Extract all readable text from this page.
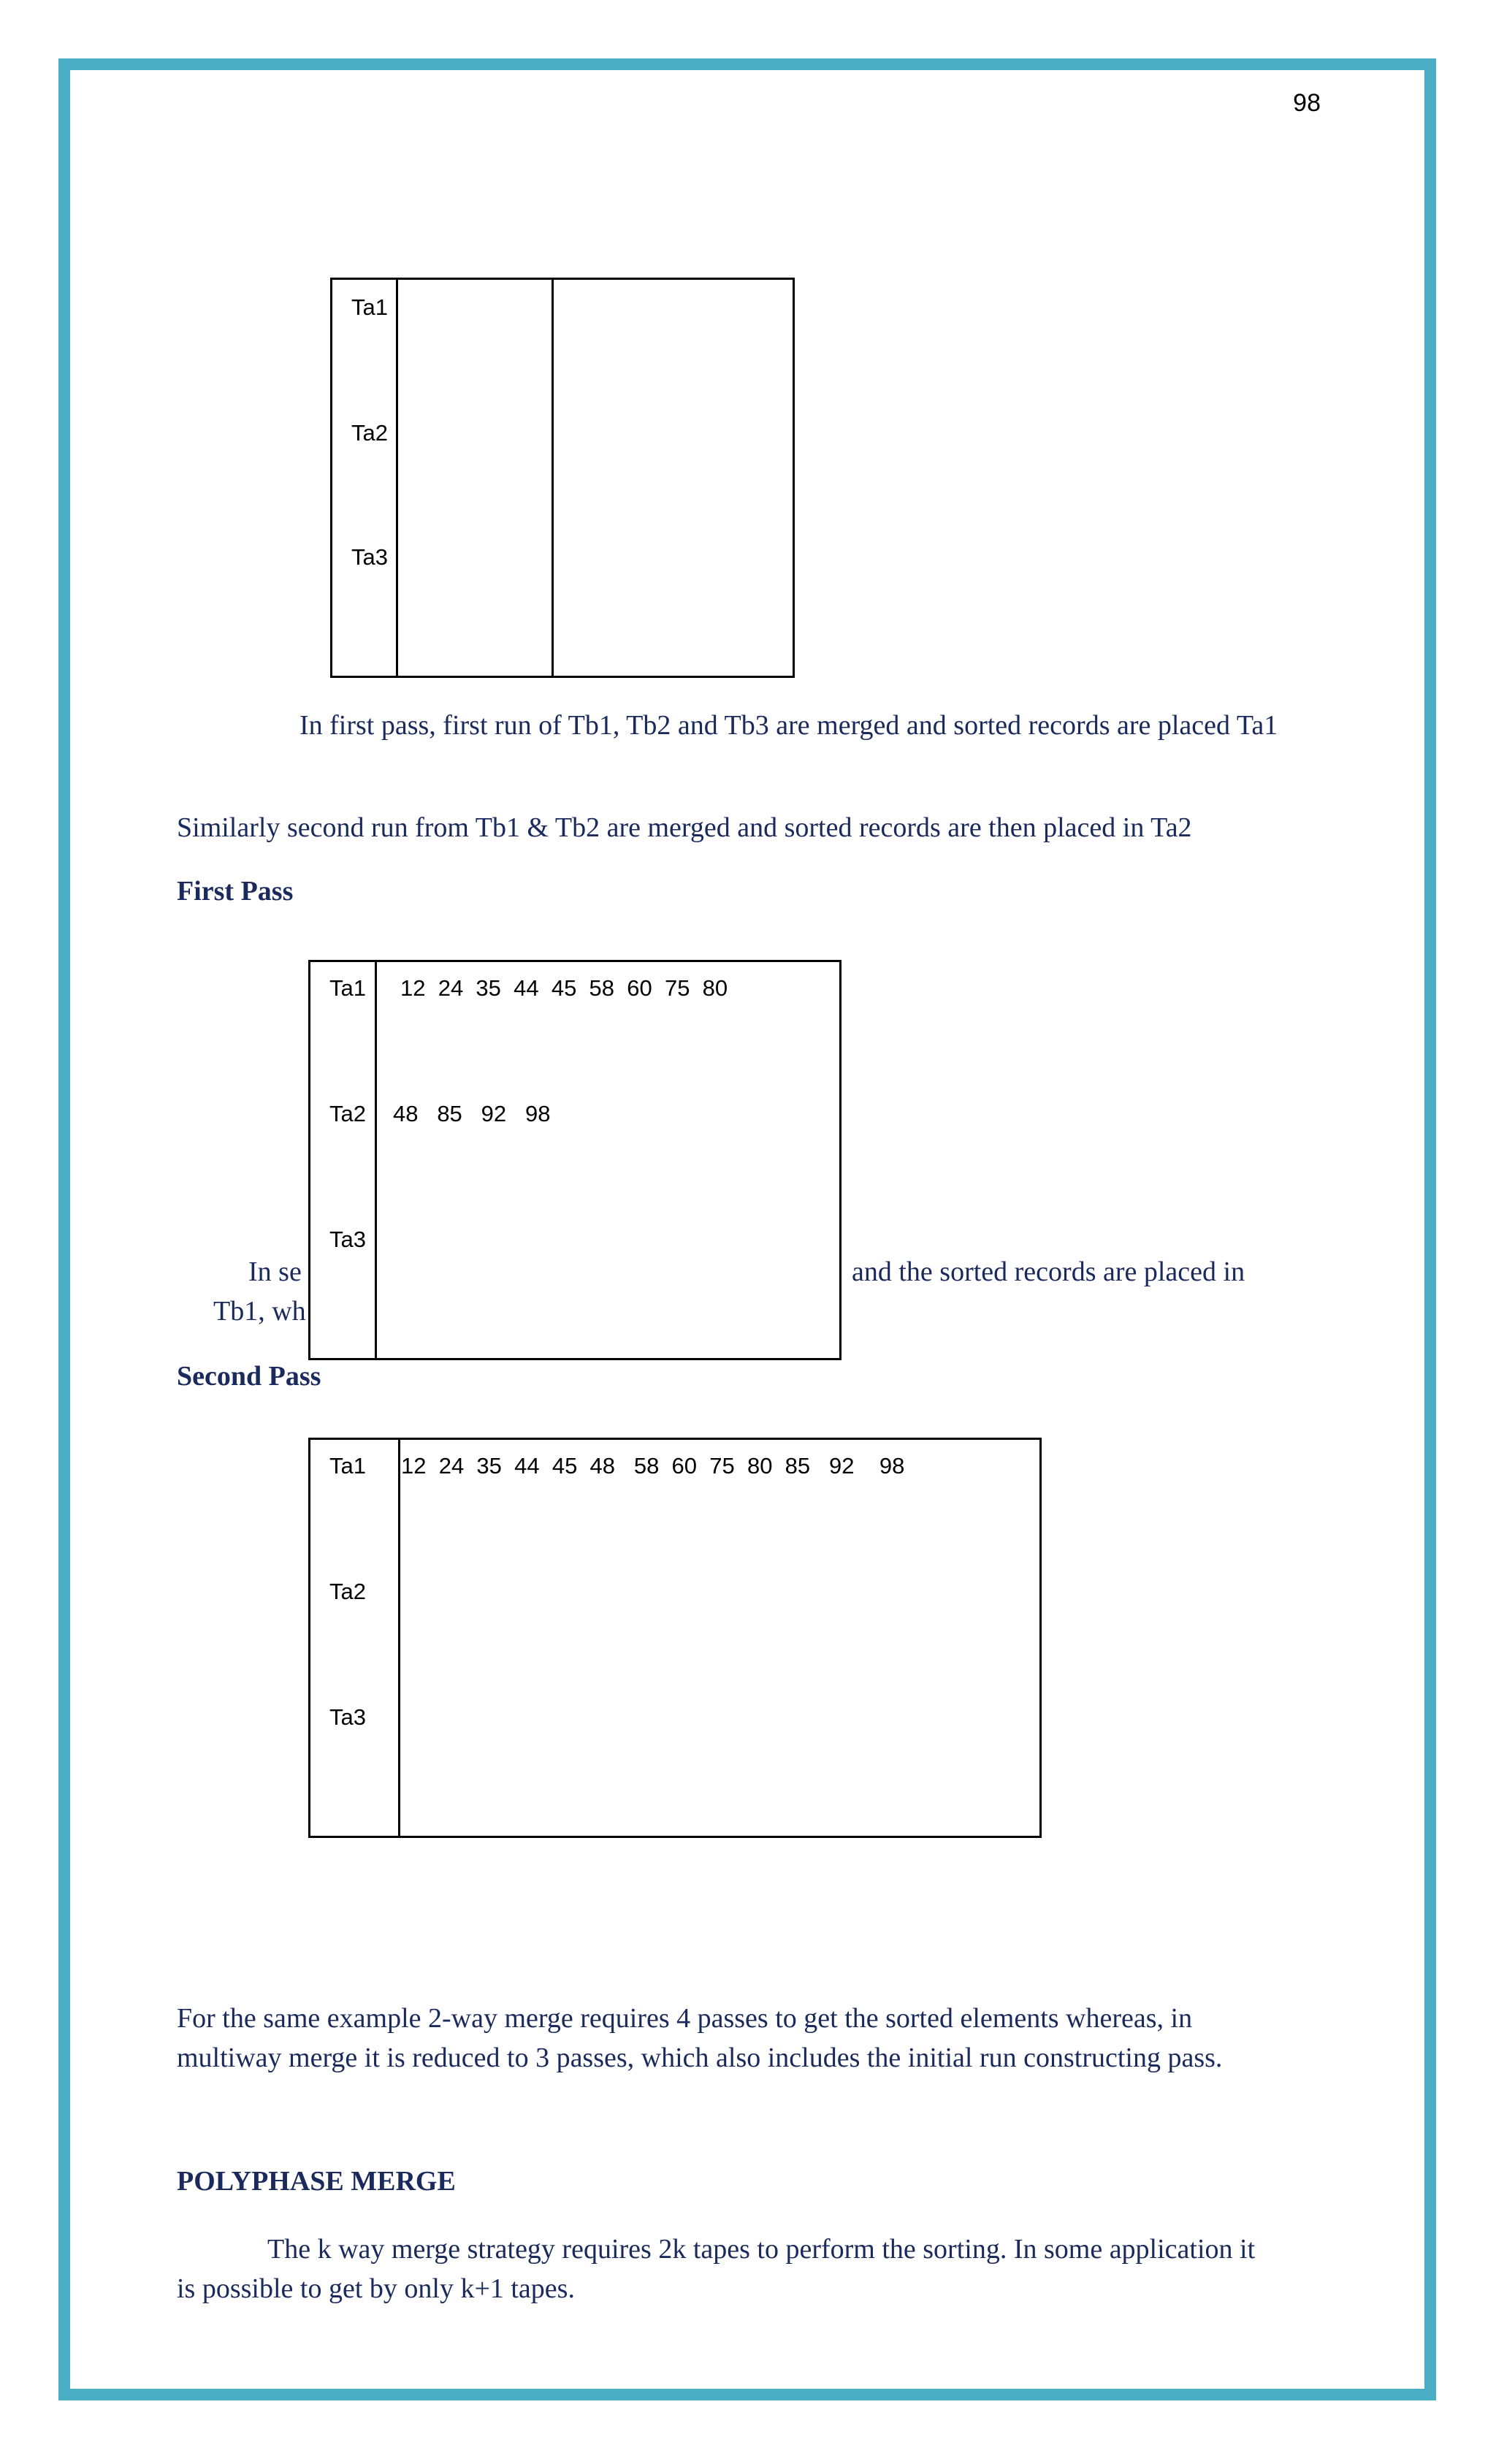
98
Ta1
Ta2
Ta3
In first pass, first run of Tb1, Tb2 and Tb3 are merged and sorted records are placed Ta1
Similarly second run from Tb1 & Tb2 are merged and sorted records are then placed in Ta2
First Pass
In se	and the sorted records are placed in
Tb1, wh
Ta1 12  24  35  44  45  58  60  75  80
Ta2 48   85   92   98
Ta3
Second Pass
Ta1 12  24  35  44  45  48   58  60  75  80  85   92    98
Ta2
Ta3
For the same example 2-way merge requires 4 passes to get the sorted elements whereas, in
multiway merge it is reduced to 3 passes, which also includes the initial run constructing pass.
POLYPHASE MERGE
The k way merge strategy requires 2k tapes to perform the sorting. In some application it
is possible to get by only k+1 tapes.
